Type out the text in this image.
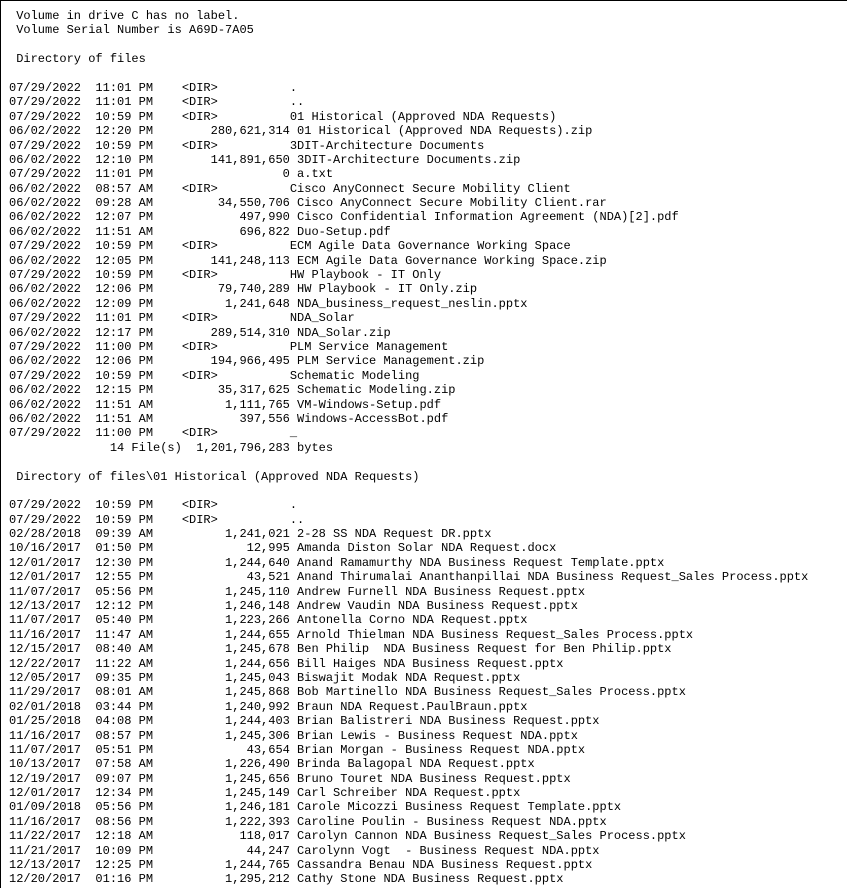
Volume in drive C has no label.
Volume Serial Number is A69D-7A05
Directory of files
07/29/2022  11:01 PM    <DIR>          .
07/29/2022  11:01 PM    <DIR>          ..
07/29/2022  10:59 PM    <DIR>          01 Historical (Approved NDA Requests)
06/02/2022  12:20 PM        280,621,314 01 Historical (Approved NDA Requests).zip
07/29/2022  10:59 PM    <DIR>          3DIT-Architecture Documents
06/02/2022  12:10 PM        141,891,650 3DIT-Architecture Documents.zip
07/29/2022  11:01 PM                  0 a.txt
06/02/2022  08:57 AM    <DIR>          Cisco AnyConnect Secure Mobility Client
06/02/2022  09:28 AM         34,550,706 Cisco AnyConnect Secure Mobility Client.rar
06/02/2022  12:07 PM            497,990 Cisco Confidential Information Agreement (NDA)[2].pdf
06/02/2022  11:51 AM            696,822 Duo-Setup.pdf
07/29/2022  10:59 PM    <DIR>          ECM Agile Data Governance Working Space
06/02/2022  12:05 PM        141,248,113 ECM Agile Data Governance Working Space.zip
07/29/2022  10:59 PM    <DIR>          HW Playbook - IT Only
06/02/2022  12:06 PM         79,740,289 HW Playbook - IT Only.zip
06/02/2022  12:09 PM          1,241,648 NDA_business_request_neslin.pptx
07/29/2022  11:01 PM    <DIR>          NDA_Solar
06/02/2022  12:17 PM        289,514,310 NDA_Solar.zip
07/29/2022  11:00 PM    <DIR>          PLM Service Management
06/02/2022  12:06 PM        194,966,495 PLM Service Management.zip
07/29/2022  10:59 PM    <DIR>          Schematic Modeling
06/02/2022  12:15 PM         35,317,625 Schematic Modeling.zip
06/02/2022  11:51 AM          1,111,765 VM-Windows-Setup.pdf
06/02/2022  11:51 AM            397,556 Windows-AccessBot.pdf
07/29/2022  11:00 PM    <DIR>          _
14 File(s)  1,201,796,283 bytes
Directory of files\01 Historical (Approved NDA Requests)
07/29/2022  10:59 PM    <DIR>          .
07/29/2022  10:59 PM    <DIR>          ..
02/28/2018  09:39 AM          1,241,021 2-28 SS NDA Request DR.pptx
10/16/2017  01:50 PM             12,995 Amanda Diston Solar NDA Request.docx
12/01/2017  12:30 PM          1,244,640 Anand Ramamurthy NDA Business Request Template.pptx
12/01/2017  12:55 PM             43,521 Anand Thirumalai Ananthanpillai NDA Business Request_Sales Process.pptx
11/07/2017  05:56 PM          1,245,110 Andrew Furnell NDA Business Request.pptx
12/13/2017  12:12 PM          1,246,148 Andrew Vaudin NDA Business Request.pptx
11/07/2017  05:40 PM          1,223,266 Antonella Corno NDA Request.pptx
11/16/2017  11:47 AM          1,244,655 Arnold Thielman NDA Business Request_Sales Process.pptx
12/15/2017  08:40 AM          1,245,678 Ben Philip  NDA Business Request for Ben Philip.pptx
12/22/2017  11:22 AM          1,244,656 Bill Haiges NDA Business Request.pptx
12/05/2017  09:35 PM          1,245,043 Biswajit Modak NDA Request.pptx
11/29/2017  08:01 AM          1,245,868 Bob Martinello NDA Business Request_Sales Process.pptx
02/01/2018  03:44 PM          1,240,992 Braun NDA Request.PaulBraun.pptx
01/25/2018  04:08 PM          1,244,403 Brian Balistreri NDA Business Request.pptx
11/16/2017  08:57 PM          1,245,306 Brian Lewis - Business Request NDA.pptx
11/07/2017  05:51 PM             43,654 Brian Morgan - Business Request NDA.pptx
10/13/2017  07:58 AM          1,226,490 Brinda Balagopal NDA Request.pptx
12/19/2017  09:07 PM          1,245,656 Bruno Touret NDA Business Request.pptx
12/01/2017  12:34 PM          1,245,149 Carl Schreiber NDA Request.pptx
01/09/2018  05:56 PM          1,246,181 Carole Micozzi Business Request Template.pptx
11/16/2017  08:56 PM          1,222,393 Caroline Poulin - Business Request NDA.pptx
11/22/2017  12:18 AM            118,017 Carolyn Cannon NDA Business Request_Sales Process.pptx
11/21/2017  10:09 PM             44,247 Carolynn Vogt  - Business Request NDA.pptx
12/13/2017  12:25 PM          1,244,765 Cassandra Benau NDA Business Request.pptx
12/20/2017  01:16 PM          1,295,212 Cathy Stone NDA Business Request.pptx
